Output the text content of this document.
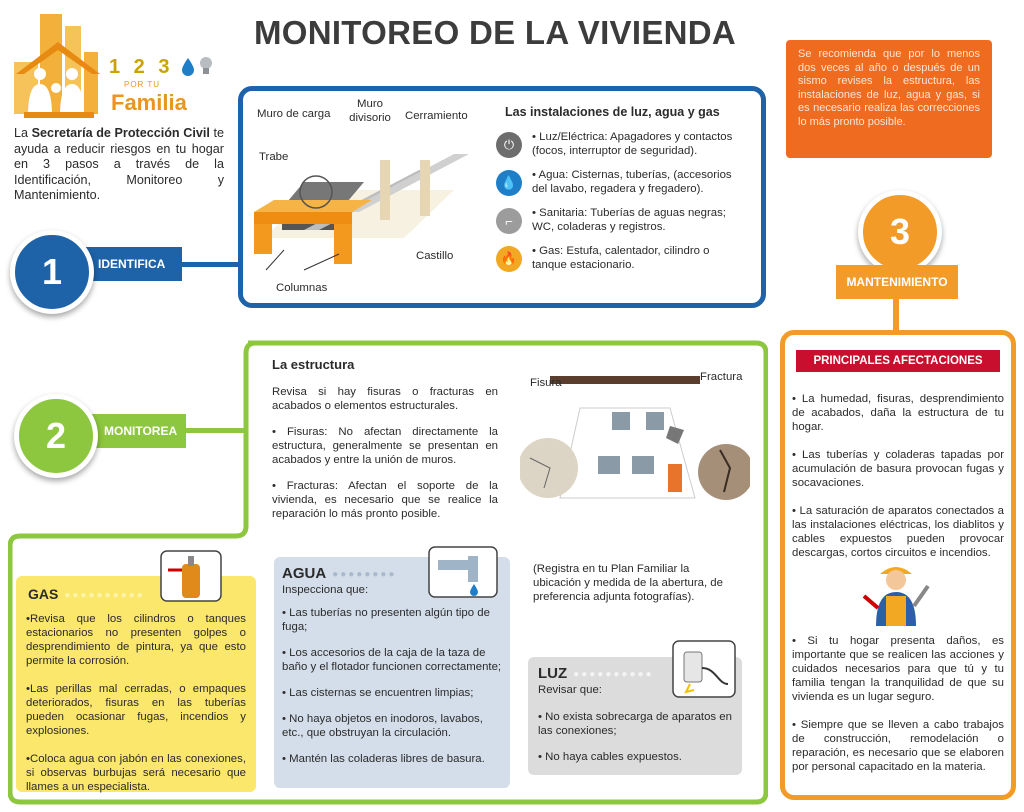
MONITOREO DE LA VIVIENDA
1 2 3
POR TU
Familia
La Secretaría de Protección Civil te ayuda a reducir riesgos en tu hogar en 3 pasos a través de la Identificación, Monitoreo y Mantenimiento.
Se recomienda que por lo menos dos veces al año o después de un sismo revises la estructura, las instalaciones de luz, agua y gas, si es necesario realiza las correcciones lo más pronto posible.
IDENTIFICA
1
Muro de carga
Muro divisorio Cerramiento
Trabe
Castillo
Columnas
Las instalaciones de luz, agua y gas
⏻	• Luz/Eléctrica: Apagadores y contactos (focos, interruptor de seguridad).
💧	• Agua: Cisternas, tuberías, (accesorios del lavabo, regadera y fregadero).
⌐
• Sanitaria: Tuberías de aguas negras; WC, coladeras y registros.
🔥	• Gas: Estufa, calentador, cilindro o tanque estacionario.
3
MANTENIMIENTO
MONITOREA
2
La estructura

Revisa si hay fisuras o fracturas en acabados o elementos estructurales.

• Fisuras: No afectan directamente la estructura, generalmente se presentan en acabados y entre la unión de muros.

• Fracturas: Afectan el soporte de la vivienda, es necesario que se realice la reparación lo más pronto posible.

Fisura	Fractura
(Registra en tu Plan Familiar la ubicación y medida de la abertura, de preferencia adjunta fotografías).
GAS ●●●●●●●●●●

•Revisa que los cilindros o tanques estacionarios no presenten golpes o desprendimiento de pintura, ya que esto permite la corrosión.

•Las perillas mal cerradas, o empaques deteriorados, fisuras en las tuberías pueden ocasionar fugas, incendios y explosiones.

•Coloca agua con jabón en las conexiones, si observas burbujas será necesario que llames a un especialista.

AGUA ●●●●●●●●
Inspecciona que:

• Las tuberías no presenten algún tipo de fuga;

• Los accesorios de la caja de la taza de baño y el flotador funcionen correctamente;

• Las cisternas se encuentren limpias;

• No haya objetos en inodoros, lavabos, etc., que obstruyan la circulación.

• Mantén las coladeras libres de basura.

LUZ ●●●●●●●●●●
Revisar que:

• No exista sobrecarga de aparatos en las conexiones;

• No haya cables expuestos.

PRINCIPALES AFECTACIONES

• La humedad, fisuras, desprendimiento de acabados, daña la estructura de tu hogar.

• Las tuberías y coladeras tapadas por acumulación de basura provocan fugas y socavaciones.

• La saturación de aparatos conectados a las instalaciones eléctricas, los diablitos y cables expuestos pueden provocar descargas, cortos circuitos e incendios.

• Si tu hogar presenta daños, es importante que se realicen las acciones y cuidados necesarios para que tú y tu familia tengan la tranquilidad de que su vivienda es un lugar seguro.

• Siempre que se lleven a cabo trabajos de construcción, remodelación o reparación, es necesario que se elaboren por personal capacitado en la materia.
